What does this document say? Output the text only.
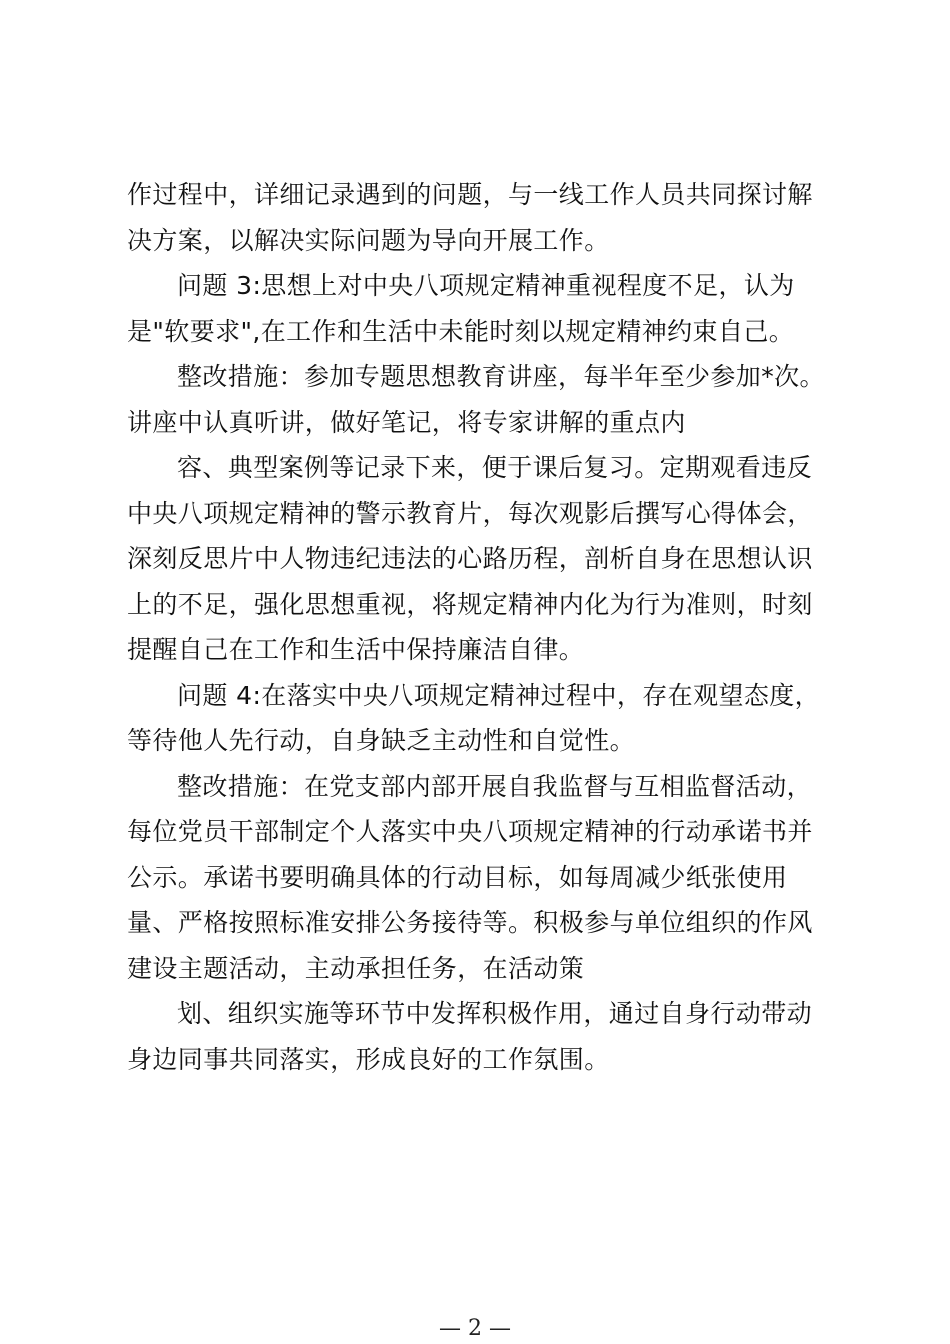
作过程中，详细记录遇到的问题，与一线工作人员共同探讨解
决方案，以解决实际问题为导向开展工作。
问题 3:思想上对中央八项规定精神重视程度不足，认为
是"软要求",在工作和生活中未能时刻以规定精神约束自己。
整改措施：参加专题思想教育讲座，每半年至少参加*次。
讲座中认真听讲，做好笔记，将专家讲解的重点内
容、典型案例等记录下来，便于课后复习。定期观看违反
中央八项规定精神的警示教育片，每次观影后撰写心得体会，
深刻反思片中人物违纪违法的心路历程，剖析自身在思想认识
上的不足，强化思想重视，将规定精神内化为行为准则，时刻
提醒自己在工作和生活中保持廉洁自律。
问题 4:在落实中央八项规定精神过程中，存在观望态度，
等待他人先行动，自身缺乏主动性和自觉性。
整改措施：在党支部内部开展自我监督与互相监督活动，
每位党员干部制定个人落实中央八项规定精神的行动承诺书并
公示。承诺书要明确具体的行动目标，如每周减少纸张使用
量、严格按照标准安排公务接待等。积极参与单位组织的作风
建设主题活动，主动承担任务，在活动策
划、组织实施等环节中发挥积极作用，通过自身行动带动
身边同事共同落实，形成良好的工作氛围。
— 2 —
